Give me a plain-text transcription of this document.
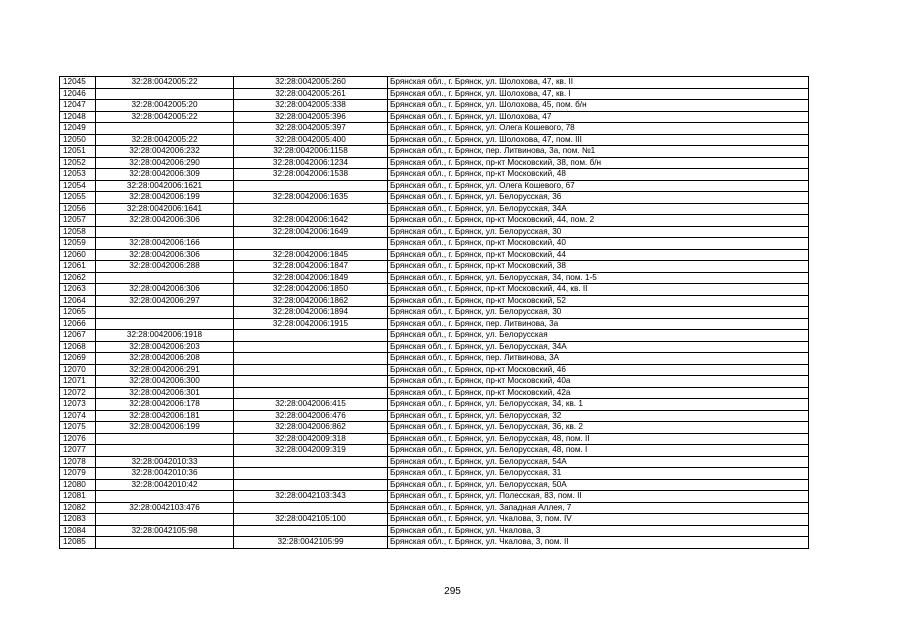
12045	32:28:0042005:22	32:28:0042005:260	Брянская обл., г. Брянск, ул. Шолохова, 47, кв. II
12046		32:28:0042005:261	Брянская обл., г. Брянск, ул. Шолохова, 47, кв. I
12047	32:28:0042005:20	32:28:0042005:338	Брянская обл., г. Брянск, ул. Шолохова, 45, пом. б/н
12048	32:28:0042005:22	32:28:0042005:396	Брянская обл., г. Брянск, ул. Шолохова, 47
12049		32:28:0042005:397	Брянская обл., г. Брянск, ул. Олега Кошевого, 78
12050	32:28:0042005:22	32:28:0042005:400	Брянская обл., г. Брянск, ул. Шолохова, 47, пом. III
12051	32:28:0042006:232	32:28:0042006:1158	Брянская обл., г. Брянск, пер. Литвинова, 3а, пом. №1
12052	32:28:0042006:290	32:28:0042006:1234	Брянская обл., г. Брянск, пр-кт Московский, 38, пом. б/н
12053	32:28:0042006:309	32:28:0042006:1538	Брянская обл., г. Брянск, пр-кт Московский, 48
12054	32:28:0042006:1621		Брянская обл., г. Брянск, ул. Олега Кошевого, 67
12055	32:28:0042006:199	32:28:0042006:1635	Брянская обл., г. Брянск, ул. Белорусская, 36
12056	32:28:0042006:1641		Брянская обл., г. Брянск, ул. Белорусская, 34А
12057	32:28:0042006:306	32:28:0042006:1642	Брянская обл., г. Брянск, пр-кт Московский, 44, пом. 2
12058		32:28:0042006:1649	Брянская обл., г. Брянск, ул. Белорусская, 30
12059	32:28:0042006:166		Брянская обл., г. Брянск, пр-кт Московский, 40
12060	32:28:0042006:306	32:28:0042006:1845	Брянская обл., г. Брянск, пр-кт Московский, 44
12061	32:28:0042006:288	32:28:0042006:1847	Брянская обл., г. Брянск, пр-кт Московский, 38
12062		32:28:0042006:1849	Брянская обл., г. Брянск, ул. Белорусская, 34, пом. 1-5
12063	32:28:0042006:306	32:28:0042006:1850	Брянская обл., г. Брянск, пр-кт Московский, 44, кв. II
12064	32:28:0042006:297	32:28:0042006:1862	Брянская обл., г. Брянск, пр-кт Московский, 52
12065		32:28:0042006:1894	Брянская обл., г. Брянск, ул. Белорусская, 30
12066		32:28:0042006:1915	Брянская обл., г. Брянск, пер. Литвинова, 3а
12067	32:28:0042006:1918		Брянская обл., г. Брянск, ул. Белорусская
12068	32:28:0042006:203		Брянская обл., г. Брянск, ул. Белорусская, 34А
12069	32:28:0042006:208		Брянская обл., г. Брянск, пер. Литвинова, 3А
12070	32:28:0042006:291		Брянская обл., г. Брянск, пр-кт Московский, 46
12071	32:28:0042006:300		Брянская обл., г. Брянск, пр-кт Московский, 40а
12072	32:28:0042006:301		Брянская обл., г. Брянск, пр-кт Московский, 42а
12073	32:28:0042006:178	32:28:0042006:415	Брянская обл., г. Брянск, ул. Белорусская, 34, кв. 1
12074	32:28:0042006:181	32:28:0042006:476	Брянская обл., г. Брянск, ул. Белорусская, 32
12075	32:28:0042006:199	32:28:0042006:862	Брянская обл., г. Брянск, ул. Белорусская, 36, кв. 2
12076		32:28:0042009:318	Брянская обл., г. Брянск, ул. Белорусская, 48, пом. II
12077		32:28:0042009:319	Брянская обл., г. Брянск, ул. Белорусская, 48, пом. I
12078	32:28:0042010:33		Брянская обл., г. Брянск, ул. Белорусская, 54А
12079	32:28:0042010:36		Брянская обл., г. Брянск, ул. Белорусская, 31
12080	32:28:0042010:42		Брянская обл., г. Брянск, ул. Белорусская, 50А
12081		32:28:0042103:343	Брянская обл., г. Брянск, ул. Полесская, 83, пом. II
12082	32:28:0042103:476		Брянская обл., г. Брянск, ул. Западная Аллея, 7
12083		32:28:0042105:100	Брянская обл., г. Брянск, ул. Чкалова, 3, пом. IV
12084	32:28:0042105:98		Брянская обл., г. Брянск, ул. Чкалова, 3
12085		32:28:0042105:99	Брянская обл., г. Брянск, ул. Чкалова, 3, пом. II
295
